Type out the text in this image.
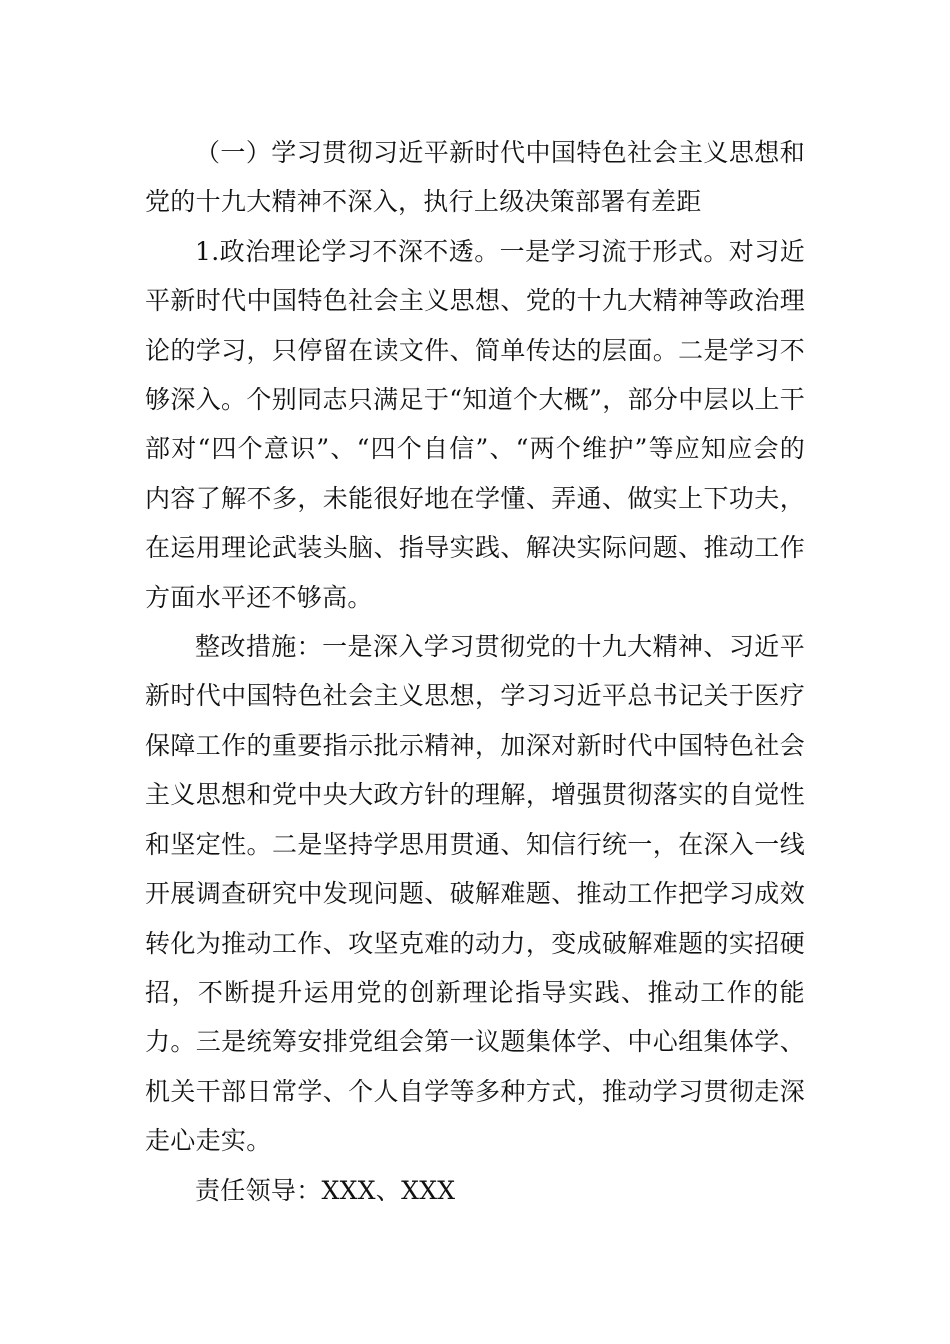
（一）学习贯彻习近平新时代中国特色社会主义思想和党的十九大精神不深入，执行上级决策部署有差距

1.政治理论学习不深不透。一是学习流于形式。对习近平新时代中国特色社会主义思想、党的十九大精神等政治理论的学习，只停留在读文件、简单传达的层面。二是学习不够深入。个别同志只满足于“知道个大概”，部分中层以上干部对“四个意识”、“四个自信”、“两个维护”等应知应会的内容了解不多，未能很好地在学懂、弄通、做实上下功夫，在运用理论武装头脑、指导实践、解决实际问题、推动工作方面水平还不够高。

整改措施：一是深入学习贯彻党的十九大精神、习近平新时代中国特色社会主义思想，学习习近平总书记关于医疗保障工作的重要指示批示精神，加深对新时代中国特色社会主义思想和党中央大政方针的理解，增强贯彻落实的自觉性和坚定性。二是坚持学思用贯通、知信行统一，在深入一线开展调查研究中发现问题、破解难题、推动工作把学习成效转化为推动工作、攻坚克难的动力，变成破解难题的实招硬招，不断提升运用党的创新理论指导实践、推动工作的能力。三是统筹安排党组会第一议题集体学、中心组集体学、机关干部日常学、个人自学等多种方式，推动学习贯彻走深走心走实。

责任领导：XXX、XXX
